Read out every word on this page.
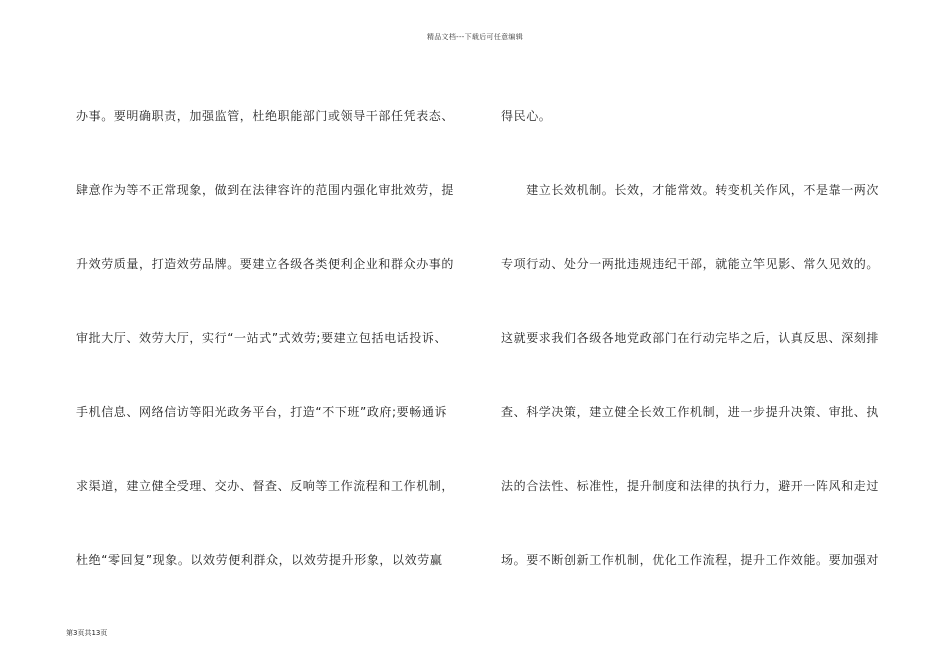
精品文档---下载后可任意编辑
办事。要明确职责，加强监管，杜绝职能部门或领导干部任凭表态、
肆意作为等不正常现象，做到在法律容许的范围内强化审批效劳，提
升效劳质量，打造效劳品牌。要建立各级各类便利企业和群众办事的
审批大厅、效劳大厅，实行“一站式”式效劳;要建立包括电话投诉、
手机信息、网络信访等阳光政务平台，打造“不下班”政府;要畅通诉
求渠道，建立健全受理、交办、督查、反响等工作流程和工作机制，
杜绝“零回复”现象。以效劳便利群众，以效劳提升形象，以效劳赢
得民心。
　　建立长效机制。长效，才能常效。转变机关作风，不是靠一两次
专项行动、处分一两批违规违纪干部，就能立竿见影、常久见效的。
这就要求我们各级各地党政部门在行动完毕之后，认真反思、深刻排
查、科学决策，建立健全长效工作机制，进一步提升决策、审批、执
法的合法性、标准性，提升制度和法律的执行力，避开一阵风和走过
场。要不断创新工作机制，优化工作流程，提升工作效能。要加强对
第3页共13页
